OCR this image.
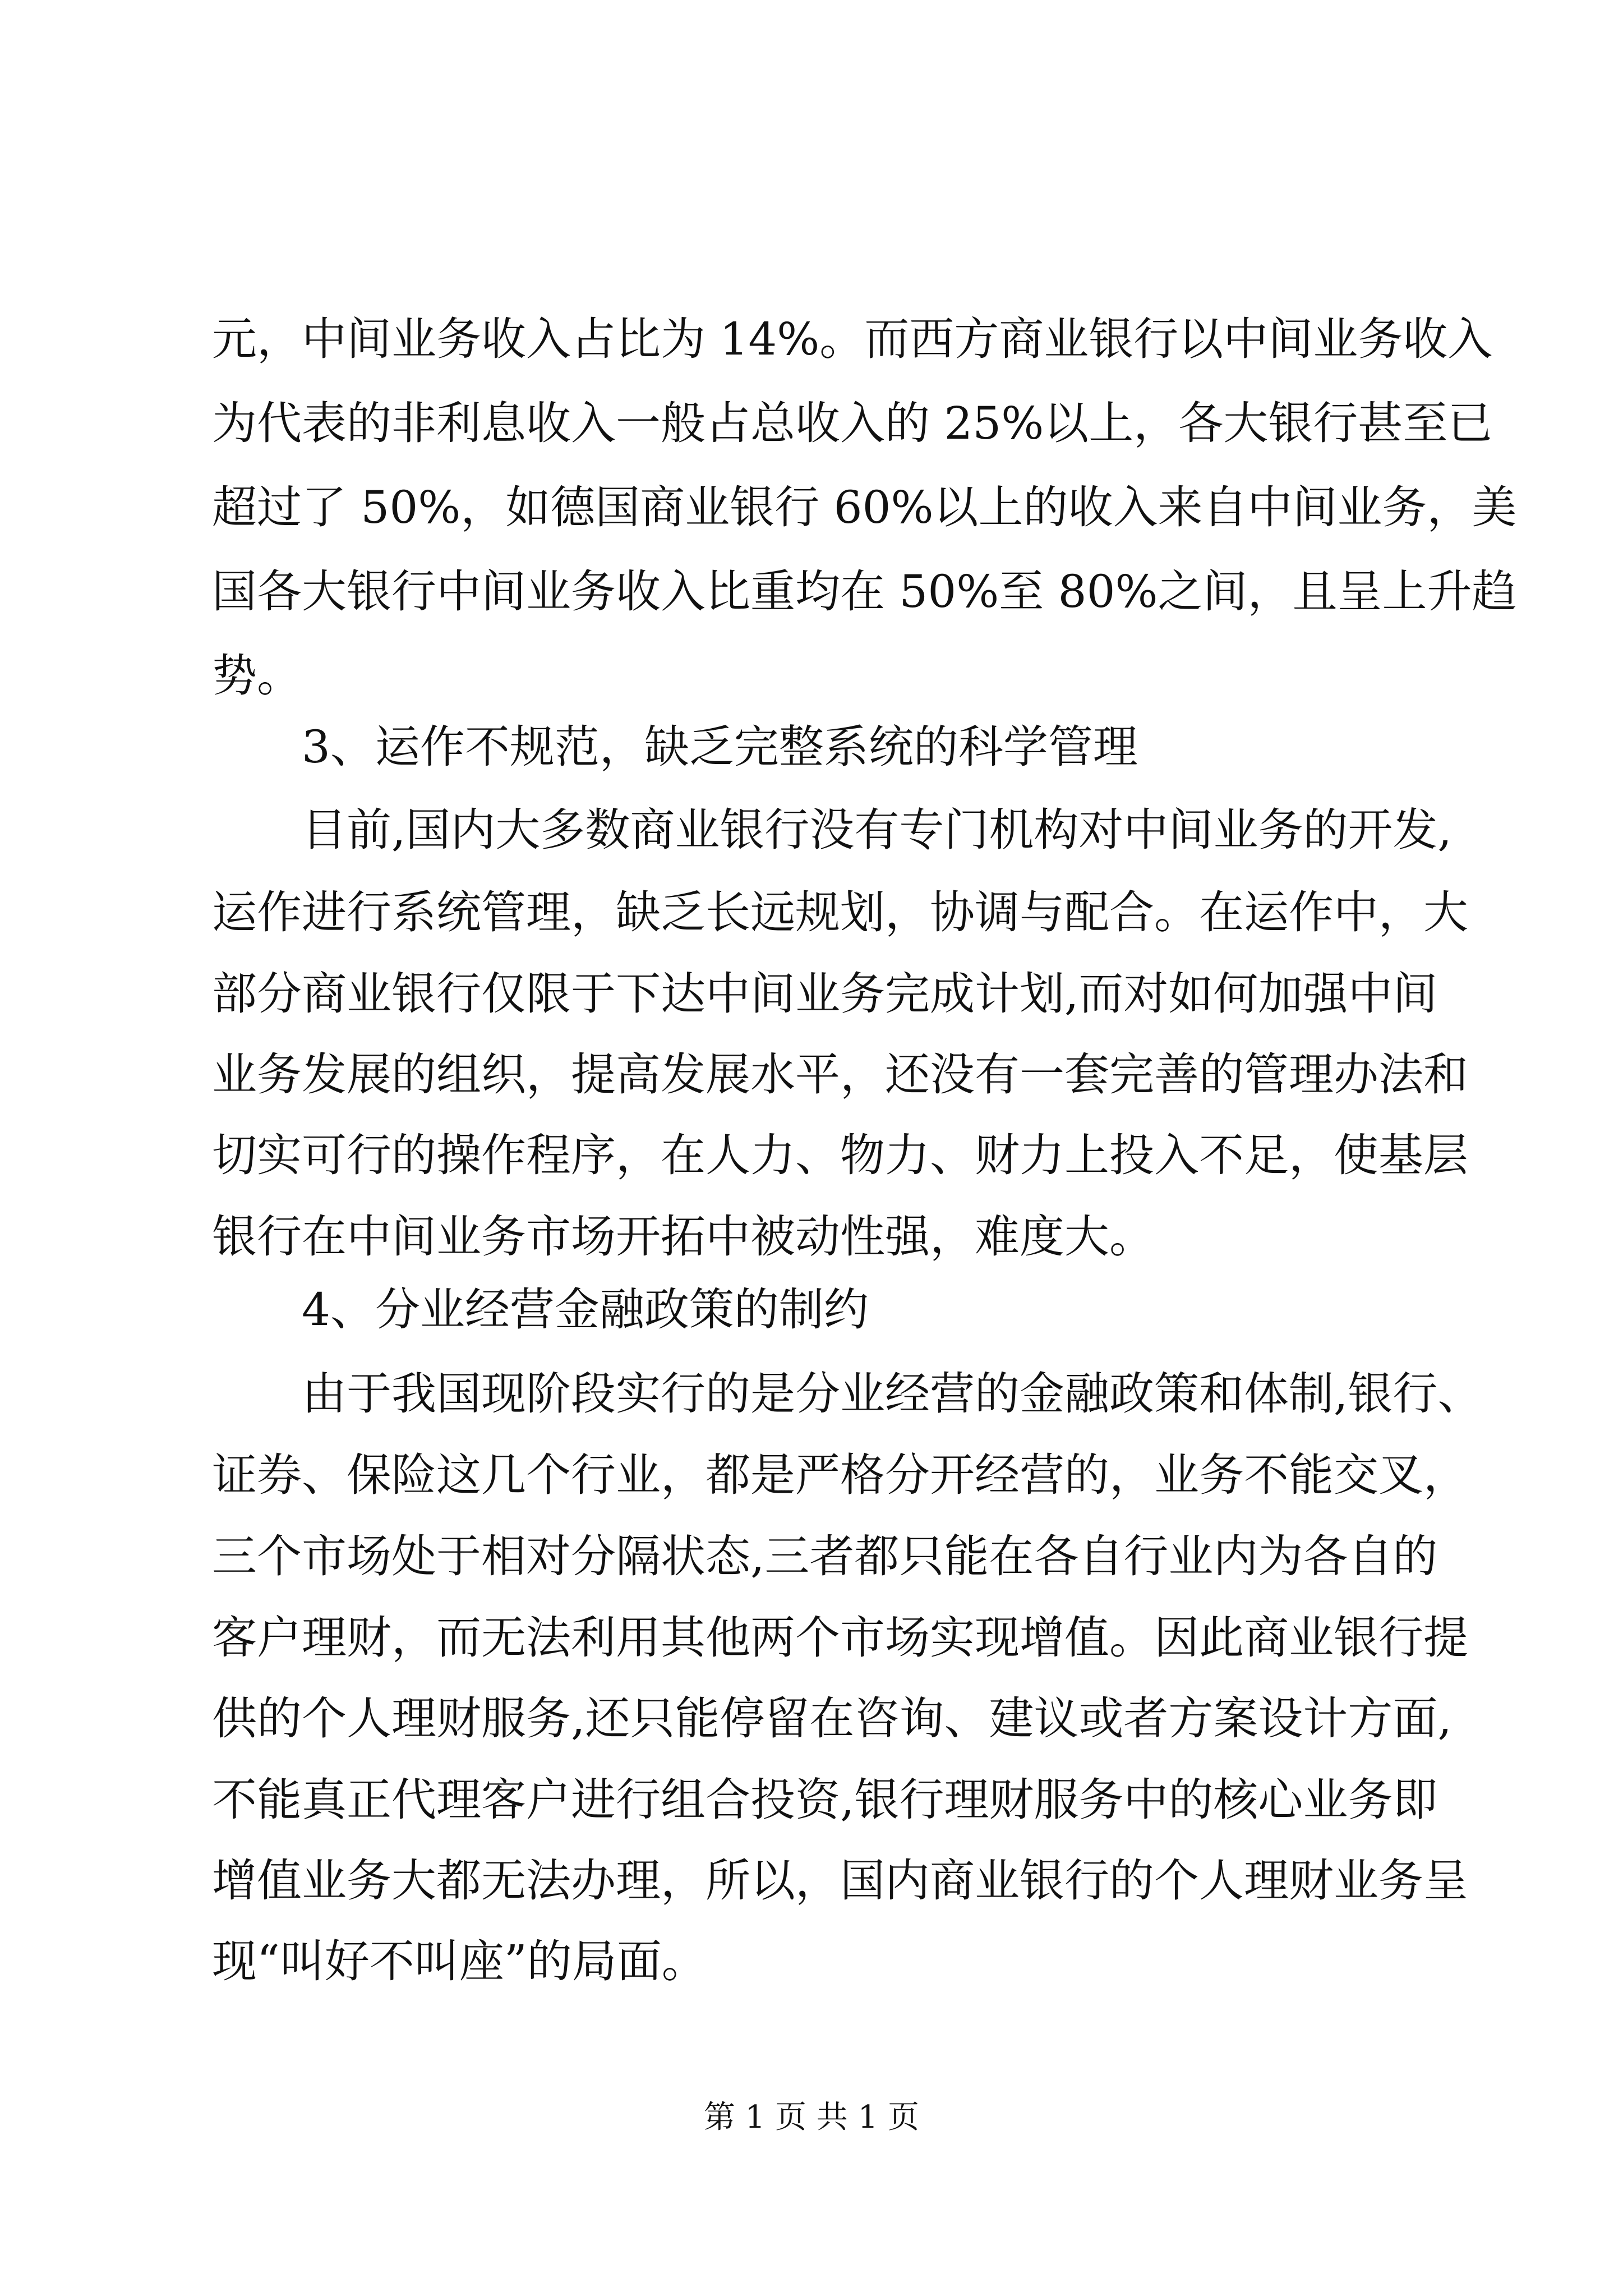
元，中间业务收入占比为 14%。而西方商业银行以中间业务收入
为代表的非利息收入一般占总收入的 25%以上，各大银行甚至已
超过了 50%，如德国商业银行 60%以上的收入来自中间业务，美
国各大银行中间业务收入比重均在 50%至 80%之间，且呈上升趋
势。
3、运作不规范，缺乏完整系统的科学管理
目前,国内大多数商业银行没有专门机构对中间业务的开发,
运作进行系统管理，缺乏长远规划，协调与配合。在运作中，大
部分商业银行仅限于下达中间业务完成计划,而对如何加强中间
业务发展的组织，提高发展水平，还没有一套完善的管理办法和
切实可行的操作程序，在人力、物力、财力上投入不足，使基层
银行在中间业务市场开拓中被动性强，难度大。
4、分业经营金融政策的制约
由于我国现阶段实行的是分业经营的金融政策和体制,银行、
证券、保险这几个行业，都是严格分开经营的，业务不能交叉，
三个市场处于相对分隔状态,三者都只能在各自行业内为各自的
客户理财，而无法利用其他两个市场实现增值。因此商业银行提
供的个人理财服务,还只能停留在咨询、建议或者方案设计方面,
不能真正代理客户进行组合投资,银行理财服务中的核心业务即
增值业务大都无法办理，所以，国内商业银行的个人理财业务呈
现“叫好不叫座”的局面。
第 1 页 共 1 页
